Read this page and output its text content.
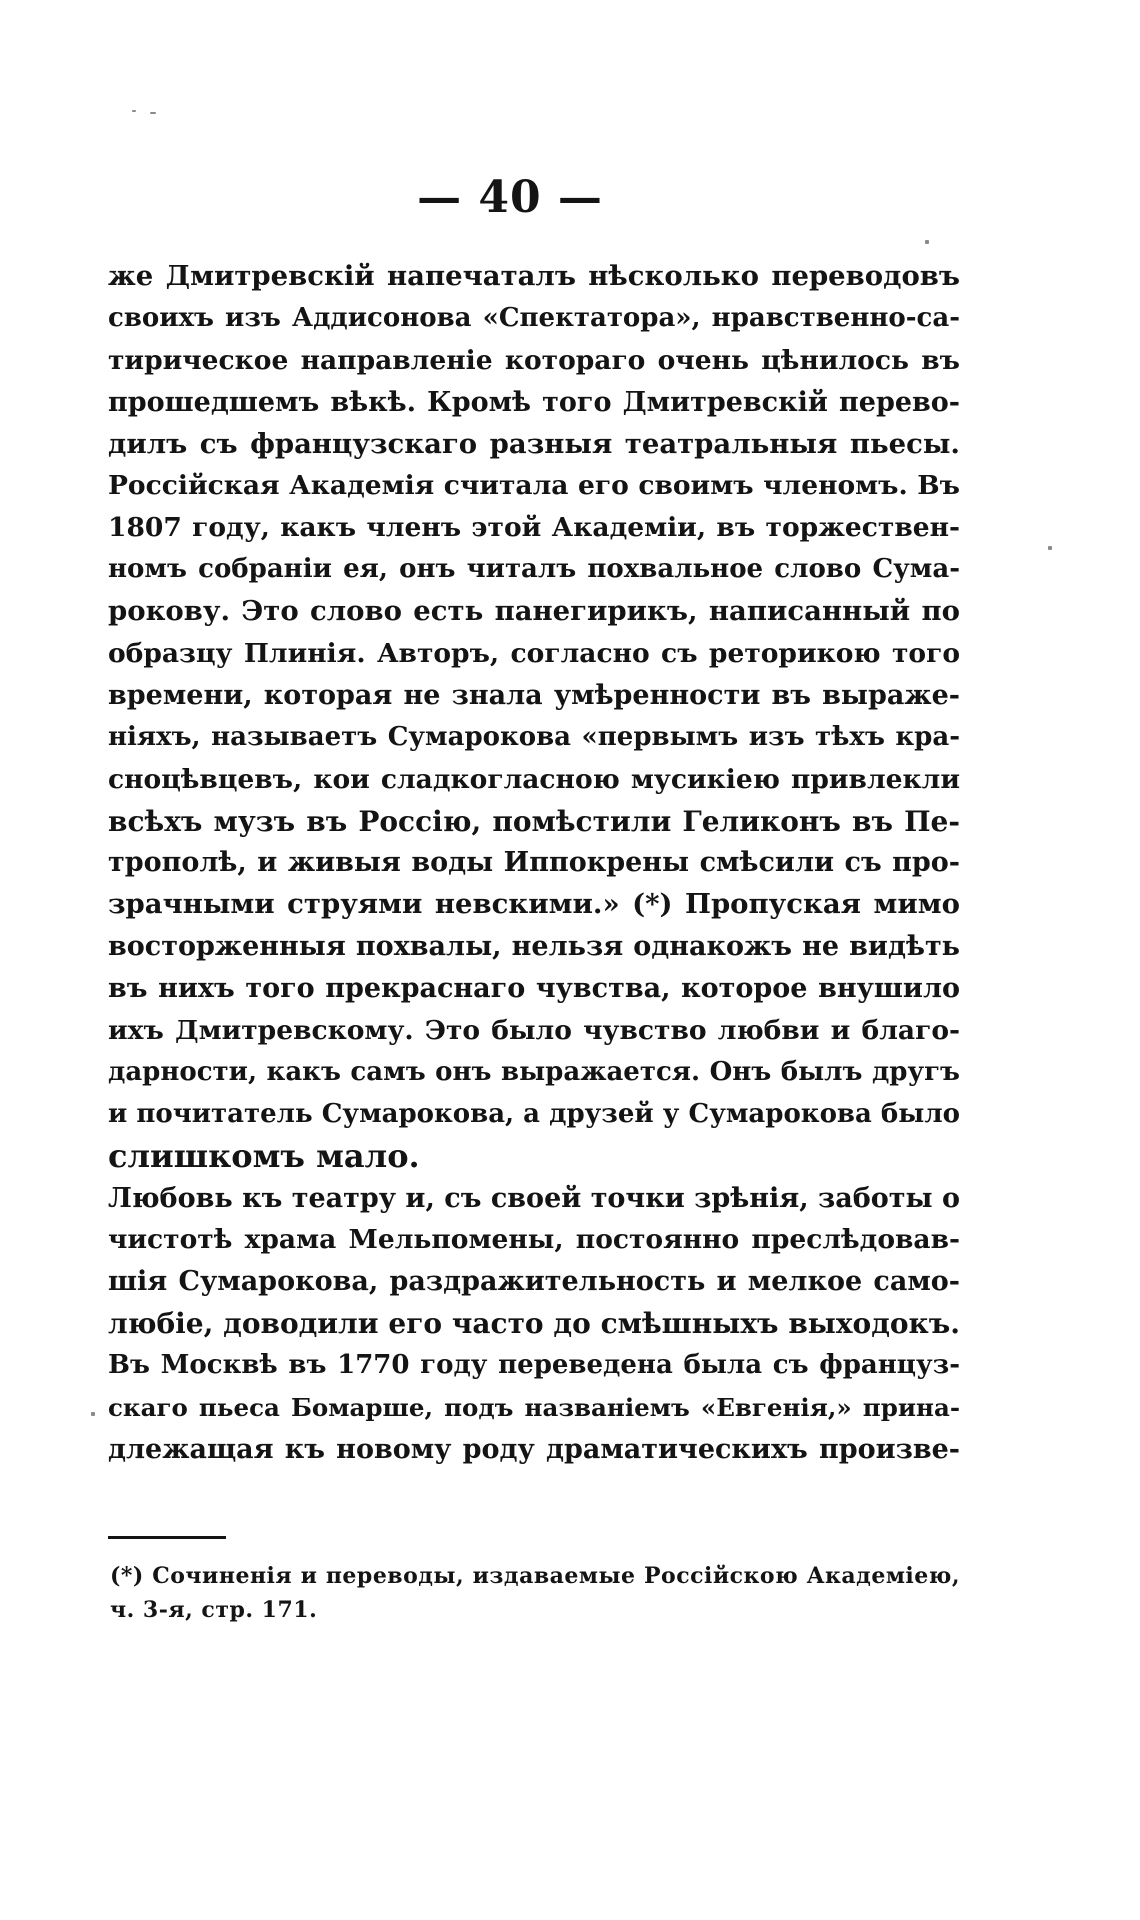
— 40 —
же Дмитревскій напечаталъ нѣсколько переводовъ
своихъ изъ Аддисонова «Спектатора», нравственно-са-
тирическое направленіе котораго очень цѣнилось въ
прошедшемъ вѣкѣ. Кромѣ того Дмитревскій перево-
дилъ съ французскаго разныя театральныя пьесы.
Россійская Академія считала его своимъ членомъ. Въ
1807 году, какъ членъ этой Академіи, въ торжествен-
номъ собраніи ея, онъ читалъ похвальное слово Сума-
рокову. Это слово есть панегирикъ, написанный по
образцу Плинія. Авторъ, согласно съ реторикою того
времени, которая не знала умѣренности въ выраже-
ніяхъ, называетъ Сумарокова «первымъ изъ тѣхъ кра-
сноцѣвцевъ, кои сладкогласною мусикіею привлекли
всѣхъ музъ въ Россію, помѣстили Геликонъ въ Пе-
трополѣ, и живыя воды Иппокрены смѣсили съ про-
зрачными струями невскими.» (*) Пропуская мимо
восторженныя похвалы, нельзя однакожъ не видѣть
въ нихъ того прекраснаго чувства, которое внушило
ихъ Дмитревскому. Это было чувство любви и благо-
дарности, какъ самъ онъ выражается. Онъ былъ другъ
и почитатель Сумарокова, а друзей у Сумарокова было
слишкомъ мало.
Любовь къ театру и, съ своей точки зрѣнія, заботы о
чистотѣ храма Мельпомены, постоянно преслѣдовав-
шія Сумарокова, раздражительность и мелкое само-
любіе, доводили его часто до смѣшныхъ выходокъ.
Въ Москвѣ въ 1770 году переведена была съ француз-
скаго пьеса Бомарше, подъ названіемъ «Евгенія,» прина-
длежащая къ новому роду драматическихъ произве-
(*) Сочиненія и переводы, издаваемые Россійскою Академіею,
ч. 3-я, стр. 171.
